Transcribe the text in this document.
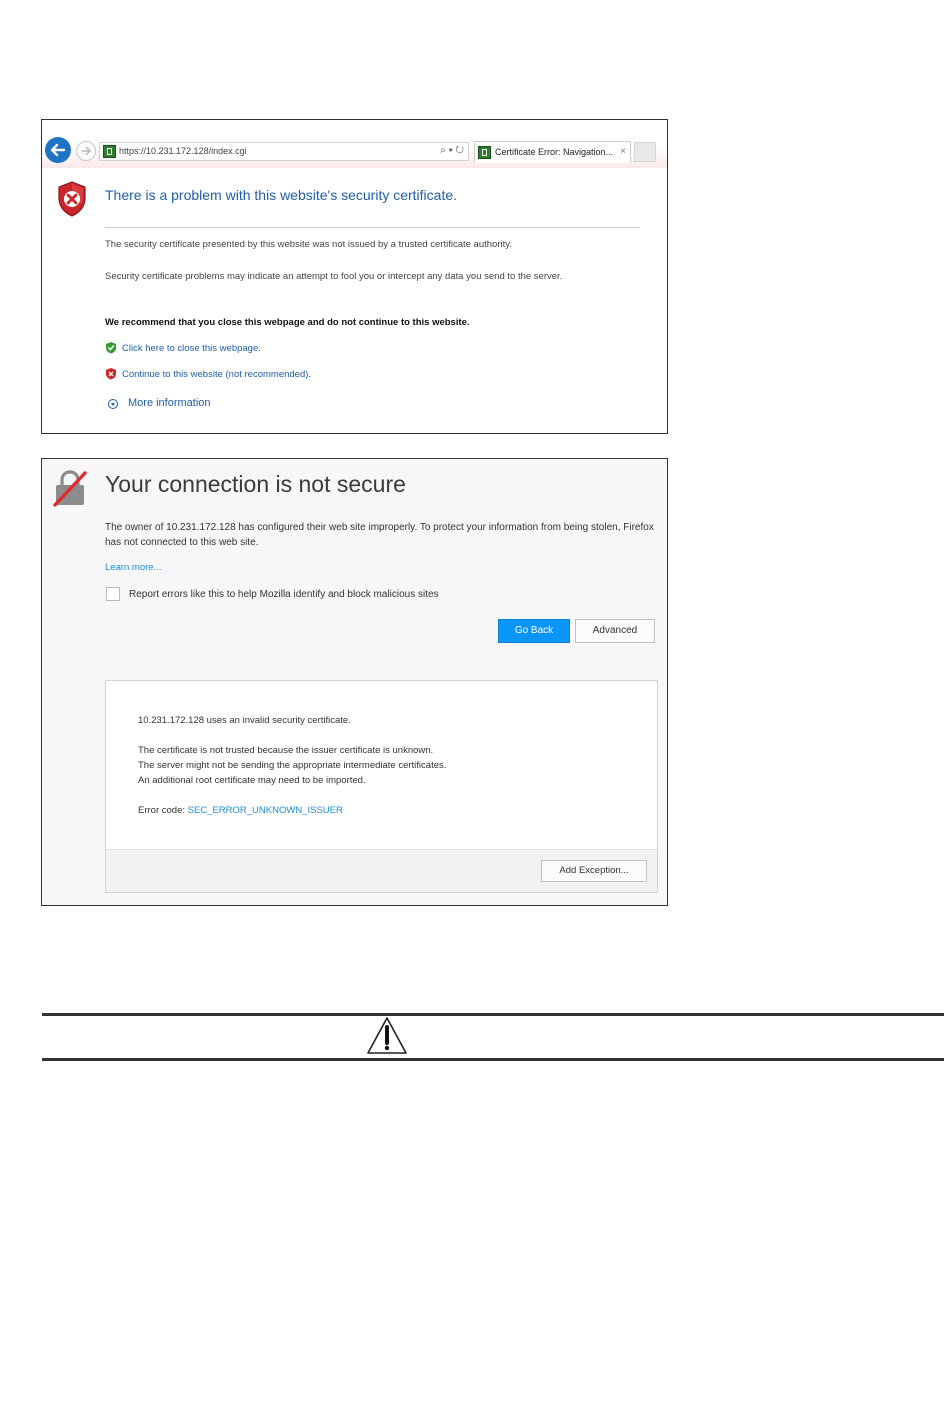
https://10.231.172.128/index.cgi	⌕ ▾ ↻	Certificate Error: Navigation... ×
There is a problem with this website's security certificate.
The security certificate presented by this website was not issued by a trusted certificate authority.
Security certificate problems may indicate an attempt to fool you or intercept any data you send to the server.
We recommend that you close this webpage and do not continue to this website.
Click here to close this webpage.
Continue to this website (not recommended).
More information
Your connection is not secure
The owner of 10.231.172.128 has configured their web site improperly. To protect your information from being stolen, Firefox has not connected to this web site.
Learn more...
Report errors like this to help Mozilla identify and block malicious sites
Go Back	Advanced
10.231.172.128 uses an invalid security certificate.
The certificate is not trusted because the issuer certificate is unknown.
The server might not be sending the appropriate intermediate certificates.
An additional root certificate may need to be imported.
Error code: SEC_ERROR_UNKNOWN_ISSUER
Add Exception...
